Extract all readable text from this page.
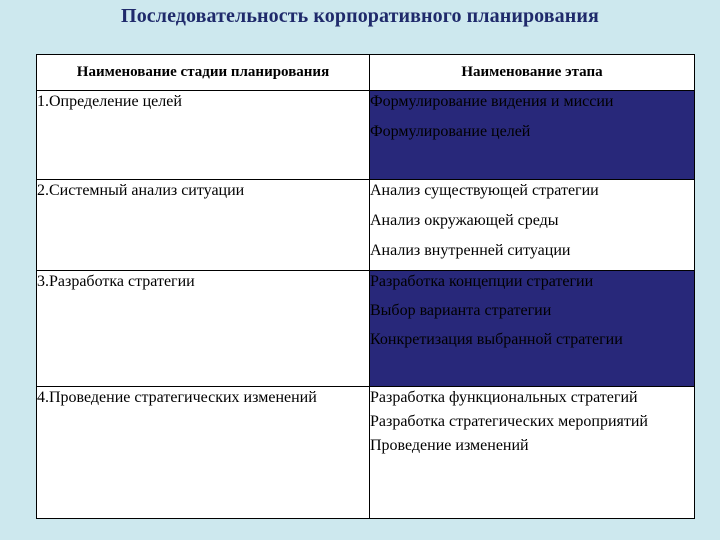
Последовательность корпоративного планирования
Наименование стадии планирования	Наименование этапа
1.Определение целей	Формулирование видения и миссии
Формулирование целей

2.Системный анализ ситуации	Анализ существующей стратегии
Анализ окружающей среды
Анализ внутренней ситуации

3.Разработка стратегии	Разработка концепции стратегии
Выбор варианта стратегии
Конкретизация выбранной стратегии

4.Проведение стратегических изменений	Разработка функциональных стратегий
Разработка стратегических мероприятий
Проведение изменений
